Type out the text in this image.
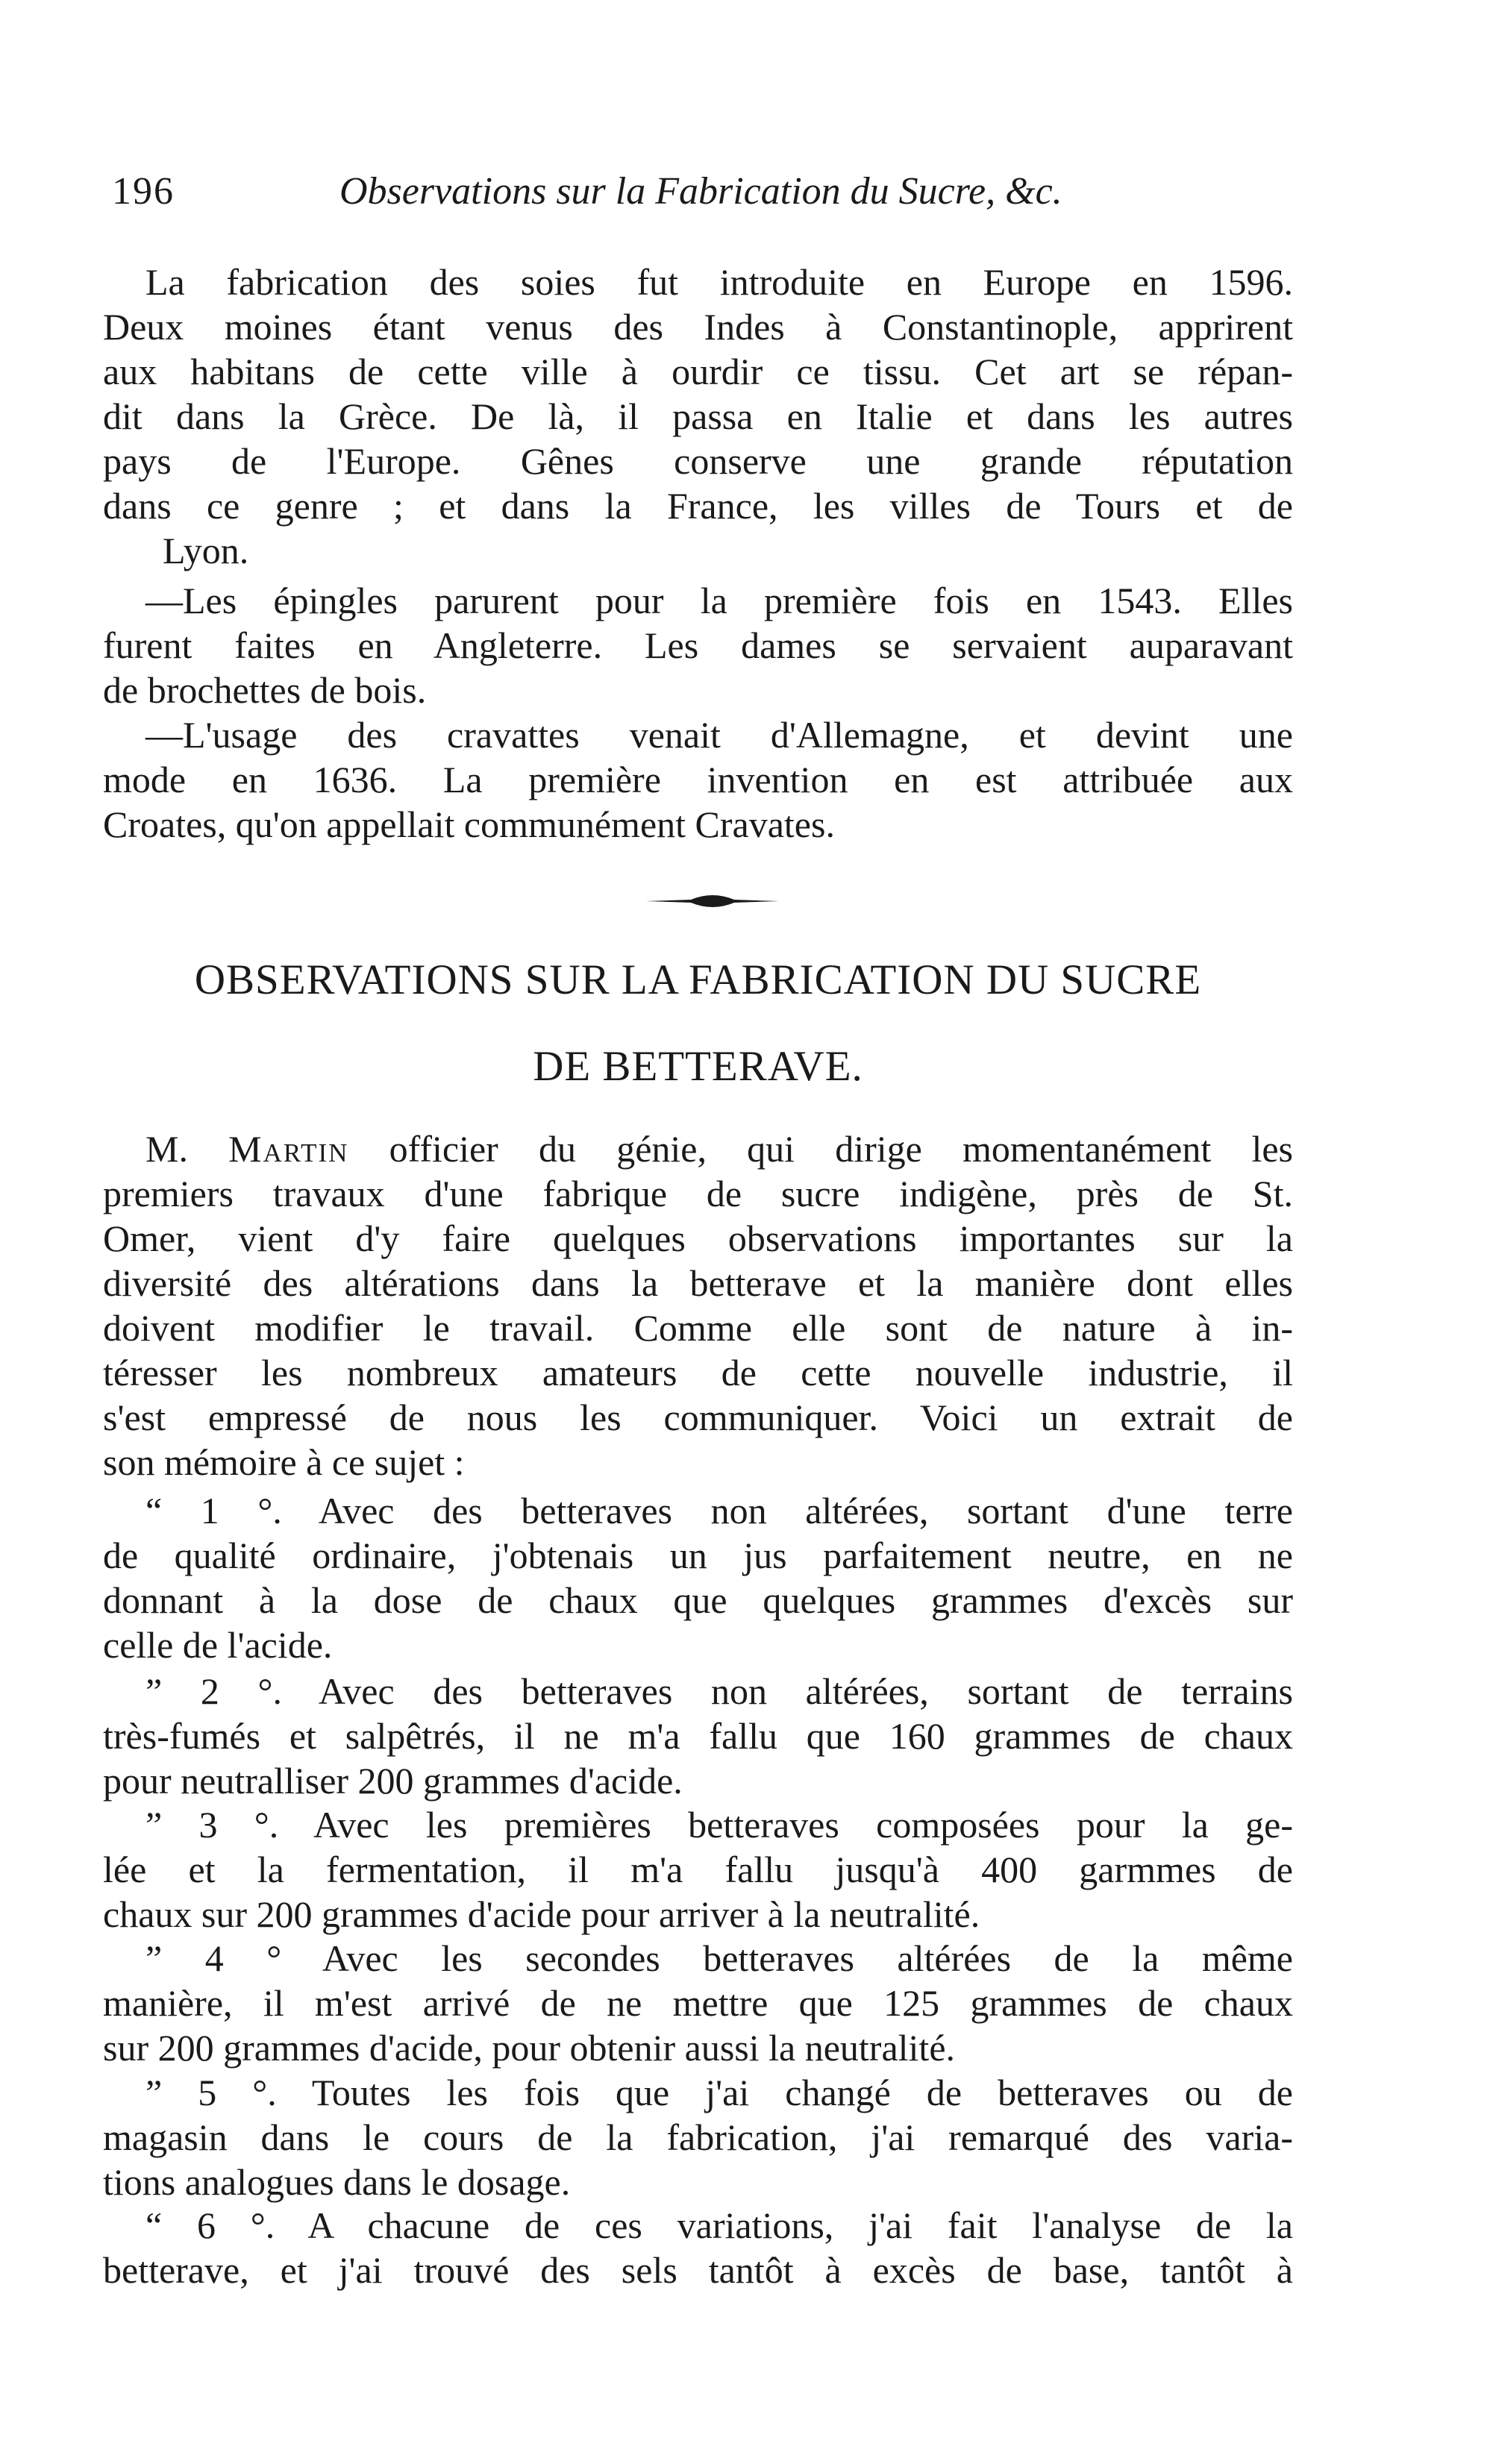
196	Observations sur la Fabrication du Sucre, &c.

La fabrication des soies fut introduite en Europe en 1596.
Deux moines étant venus des Indes à Constantinople, apprirent
aux habitans de cette ville à ourdir ce tissu. Cet art se répan-
dit dans la Grèce. De là, il passa en Italie et dans les autres
pays de l'Europe. Gênes conserve une grande réputation
dans ce genre ; et dans la France, les villes de Tours et de
Lyon.

—Les épingles parurent pour la première fois en 1543. Elles
furent faites en Angleterre. Les dames se servaient auparavant
de brochettes de bois.

—L'usage des cravattes venait d'Allemagne, et devint une
mode en 1636. La première invention en est attribuée aux
Croates, qu'on appellait communément Cravates.

OBSERVATIONS SUR LA FABRICATION DU SUCRE
DE BETTERAVE.

M. Martin officier du génie, qui dirige momentanément les
premiers travaux d'une fabrique de sucre indigène, près de St.
Omer, vient d'y faire quelques observations importantes sur la
diversité des altérations dans la betterave et la manière dont elles
doivent modifier le travail. Comme elle sont de nature à in-
téresser les nombreux amateurs de cette nouvelle industrie, il
s'est empressé de nous les communiquer. Voici un extrait de
son mémoire à ce sujet :

“ 1 °. Avec des betteraves non altérées, sortant d'une terre
de qualité ordinaire, j'obtenais un jus parfaitement neutre, en ne
donnant à la dose de chaux que quelques grammes d'excès sur
celle de l'acide.

” 2 °. Avec des betteraves non altérées, sortant de terrains
très-fumés et salpêtrés, il ne m'a fallu que 160 grammes de chaux
pour neutralliser 200 grammes d'acide.

” 3 °. Avec les premières betteraves composées pour la ge-
lée et la fermentation, il m'a fallu jusqu'à 400 garmmes de
chaux sur 200 grammes d'acide pour arriver à la neutralité.

” 4 ° Avec les secondes betteraves altérées de la même
manière, il m'est arrivé de ne mettre que 125 grammes de chaux
sur 200 grammes d'acide, pour obtenir aussi la neutralité.

” 5 °. Toutes les fois que j'ai changé de betteraves ou de
magasin dans le cours de la fabrication, j'ai remarqué des varia-
tions analogues dans le dosage.

“ 6 °. A chacune de ces variations, j'ai fait l'analyse de la
betterave, et j'ai trouvé des sels tantôt à excès de base, tantôt à
